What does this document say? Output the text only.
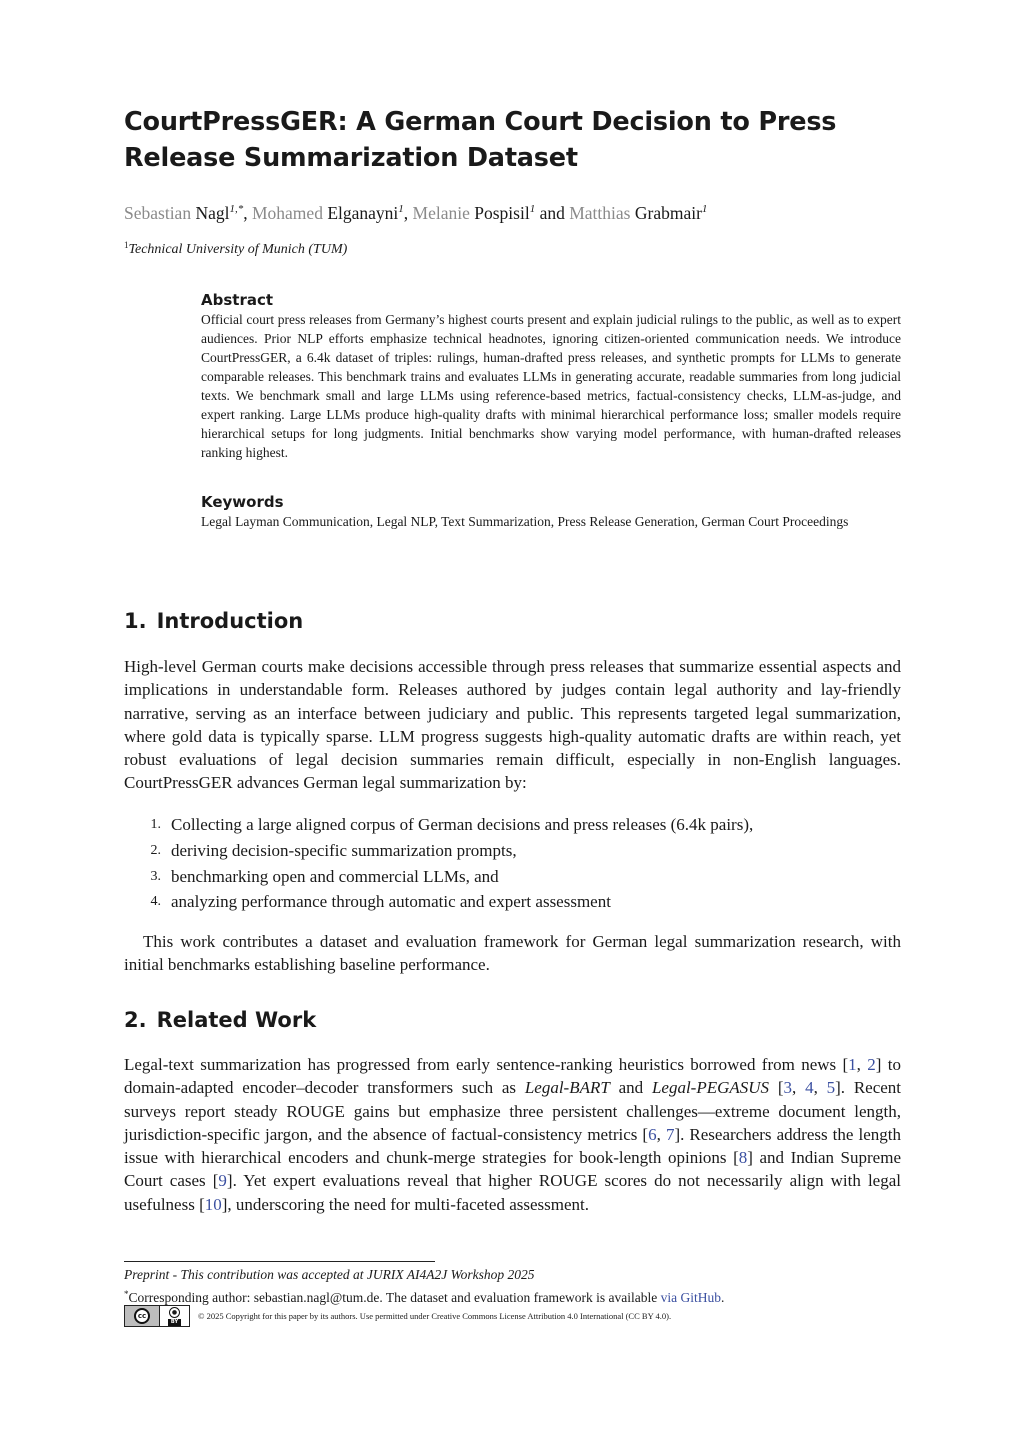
CourtPressGER: A German Court Decision to Press Release Summarization Dataset
Sebastian Nagl$^{1,*}$, Mohamed Elganayni$^1$, Melanie Pospisil$^1$ and Matthias Grabmair$^1$
$^1$Technical University of Munich (TUM)
Abstract
Official court press releases from Germany’s highest courts present and explain judicial rulings to the public, as well as to expert audiences. Prior NLP efforts emphasize technical headnotes, ignoring citizen-oriented communication needs. We introduce CourtPressGER, a 6.4k dataset of triples: rulings, human-drafted press releases, and synthetic prompts for LLMs to generate comparable releases. This benchmark trains and evaluates LLMs in generating accurate, readable summaries from long judicial texts. We benchmark small and large LLMs using reference-based metrics, factual-consistency checks, LLM-as-judge, and expert ranking. Large LLMs produce high-quality drafts with minimal hierarchical performance loss; smaller models require hierarchical setups for long judgments. Initial benchmarks show varying model performance, with human-drafted releases ranking highest.
Keywords
Legal Layman Communication, Legal NLP, Text Summarization, Press Release Generation, German Court Proceedings
1. Introduction

High-level German courts make decisions accessible through press releases that summarize essential aspects and implications in understandable form. Releases authored by judges contain legal authority and lay-friendly narrative, serving as an interface between judiciary and public. This represents targeted legal summarization, where gold data is typically sparse. LLM progress suggests high-quality automatic drafts are within reach, yet robust evaluations of legal decision summaries remain difficult, especially in non-English languages. CourtPressGER advances German legal summarization by:

1. Collecting a large aligned corpus of German decisions and press releases (6.4k pairs),
2. deriving decision-specific summarization prompts,
3. benchmarking open and commercial LLMs, and
4. analyzing performance through automatic and expert assessment

This work contributes a dataset and evaluation framework for German legal summarization research, with initial benchmarks establishing baseline performance.

2. Related Work

Legal-text summarization has progressed from early sentence-ranking heuristics borrowed from news [1, 2] to domain-adapted encoder–decoder transformers such as Legal-BART and Legal-PEGASUS [3, 4, 5]. Recent surveys report steady ROUGE gains but emphasize three persistent challenges—extreme document length, jurisdiction-specific jargon, and the absence of factual-consistency metrics [6, 7]. Researchers address the length issue with hierarchical encoders and chunk-merge strategies for book-length opinions [8] and Indian Supreme Court cases [9]. Yet expert evaluations reveal that higher ROUGE scores do not necessarily align with legal usefulness [10], underscoring the need for multi-faceted assessment.

Preprint - This contribution was accepted at JURIX AI4A2J Workshop 2025
*Corresponding author: sebastian.nagl@tum.de. The dataset and evaluation framework is available via GitHub.
cc	●
BY
© 2025 Copyright for this paper by its authors. Use permitted under Creative Commons License Attribution 4.0 International (CC BY 4.0).
